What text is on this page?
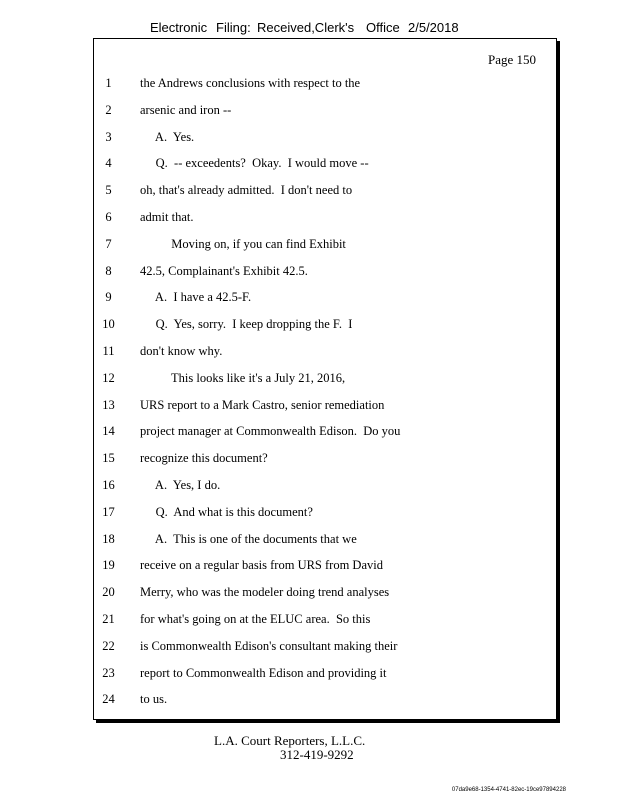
Electronic Filing: Received,Clerk's Office 2/5/2018
Page 150
1	the Andrews conclusions with respect to the
2	arsenic and iron --
3	A.  Yes.
4	Q.  -- exceedents?  Okay.  I would move --
5	oh, that's already admitted.  I don't need to
6	admit that.
7	Moving on, if you can find Exhibit
8	42.5, Complainant's Exhibit 42.5.
9	A.  I have a 42.5-F.
10	Q.  Yes, sorry.  I keep dropping the F.  I
11	don't know why.
12	This looks like it's a July 21, 2016,
13	URS report to a Mark Castro, senior remediation
14	project manager at Commonwealth Edison.  Do you
15	recognize this document?
16	A.  Yes, I do.
17	Q.  And what is this document?
18	A.  This is one of the documents that we
19	receive on a regular basis from URS from David
20	Merry, who was the modeler doing trend analyses
21	for what's going on at the ELUC area.  So this
22	is Commonwealth Edison's consultant making their
23	report to Commonwealth Edison and providing it
24	to us.
L.A. Court Reporters, L.L.C.
312-419-9292
07da9e68-1354-4741-82ec-19ce97894228
